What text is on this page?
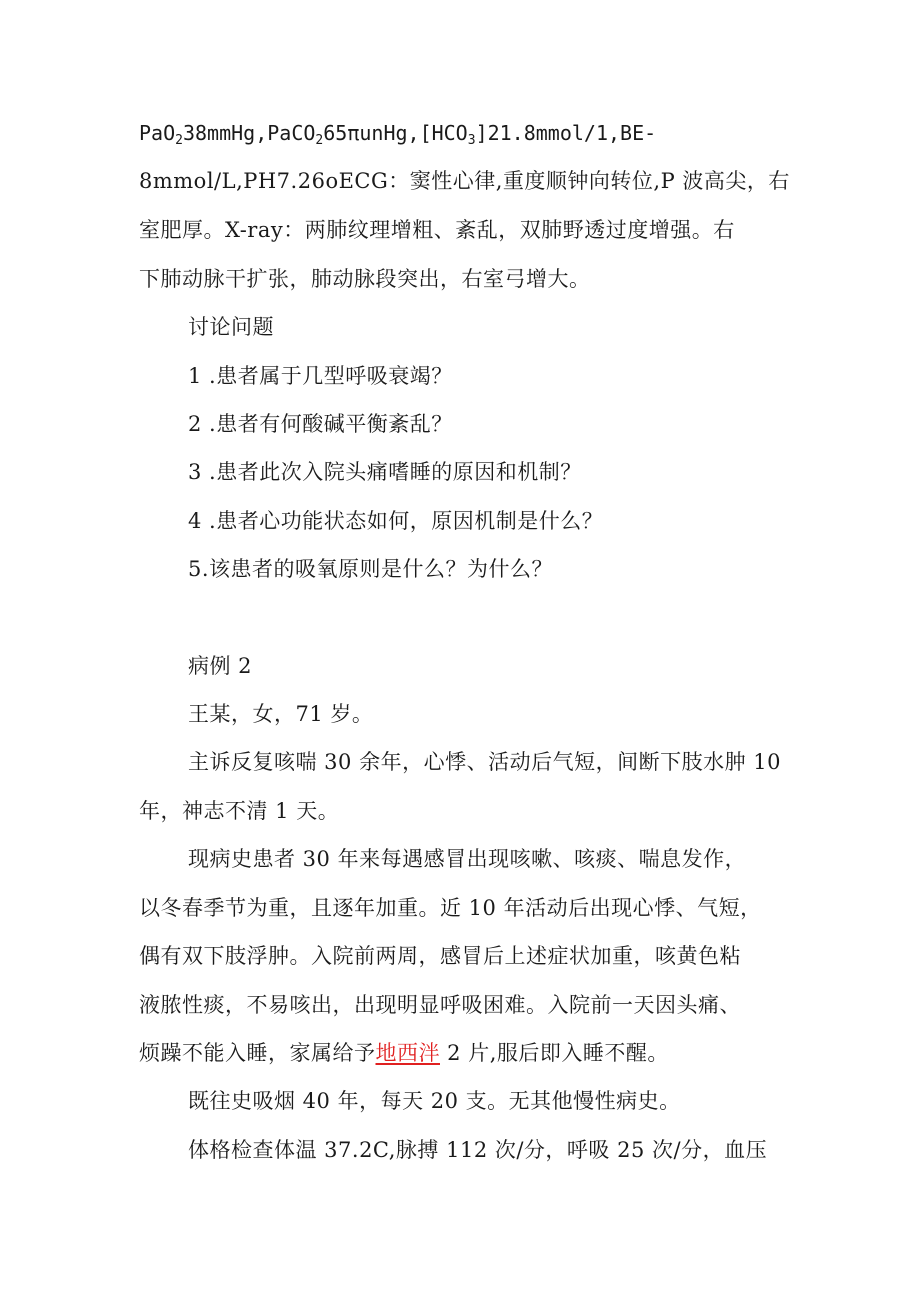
$PaO_238mmHg,PaCO_265\pi unHg,[HCO_3]21.8mmol/1,BE-$
8mmol/L,PH7.26oECG：窦性心律,重度顺钟向转位,P 波高尖，右
室肥厚。X-ray：两肺纹理增粗、紊乱，双肺野透过度增强。右
下肺动脉干扩张，肺动脉段突出，右室弓增大。
讨论问题
1 .患者属于几型呼吸衰竭？
2 .患者有何酸碱平衡紊乱？
3 .患者此次入院头痛嗜睡的原因和机制？
4 .患者心功能状态如何，原因机制是什么？
5.该患者的吸氧原则是什么？为什么？
病例 2
王某，女，71 岁。
主诉反复咳喘 30 余年，心悸、活动后气短，间断下肢水肿 10
年，神志不清 1 天。
现病史患者 30 年来每遇感冒出现咳嗽、咳痰、喘息发作，
以冬春季节为重，且逐年加重。近 10 年活动后出现心悸、气短，
偶有双下肢浮肿。入院前两周，感冒后上述症状加重，咳黄色粘
液脓性痰，不易咳出，出现明显呼吸困难。入院前一天因头痛、
烦躁不能入睡，家属给予地西泮 2 片,服后即入睡不醒。
既往史吸烟 40 年，每天 20 支。无其他慢性病史。
体格检查体温 37.2C,脉搏 112 次/分，呼吸 25 次/分，血压
